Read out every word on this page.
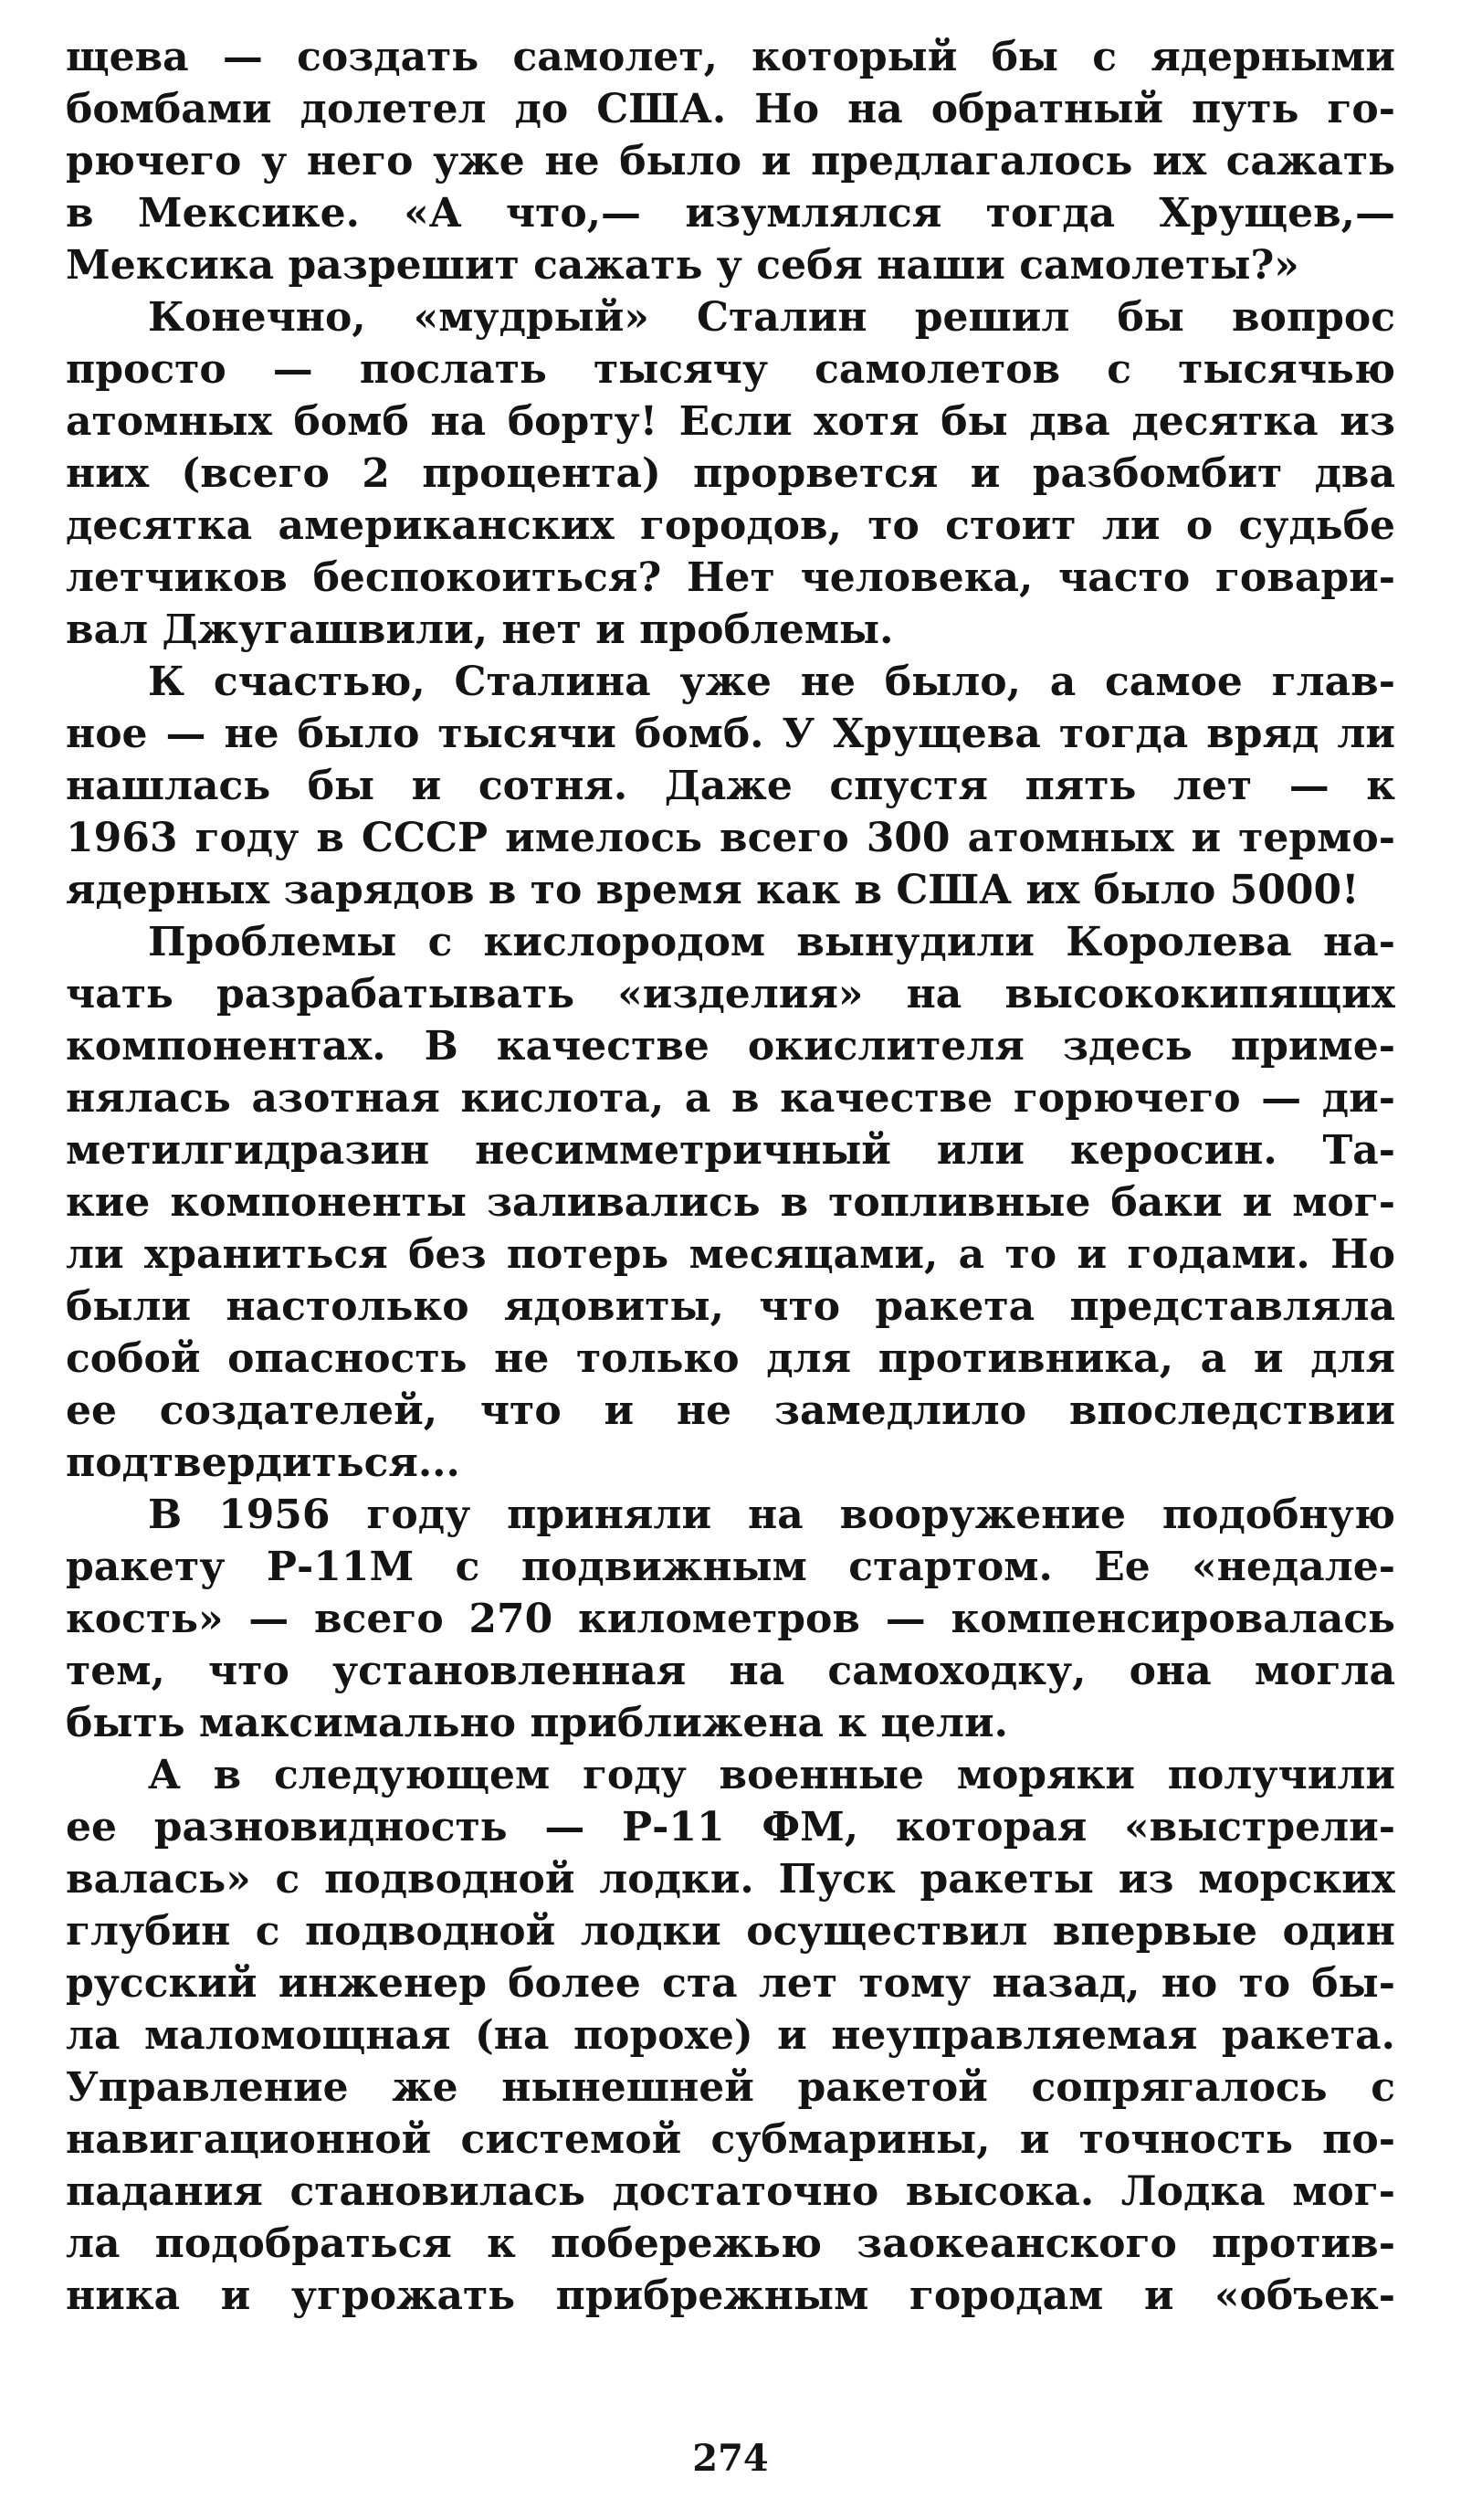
щева — создать самолет, который бы с ядерными
бомбами долетел до США. Но на обратный путь го-
рючего у него уже не было и предлагалось их сажать
в Мексике. «А что,— изумлялся тогда Хрущев,—
Мексика разрешит сажать у себя наши самолеты?»
Конечно, «мудрый» Сталин решил бы вопрос
просто — послать тысячу самолетов с тысячью
атомных бомб на борту! Если хотя бы два десятка из
них (всего 2 процента) прорвется и разбомбит два
десятка американских городов, то стоит ли о судьбе
летчиков беспокоиться? Нет человека, часто говари-
вал Джугашвили, нет и проблемы.
К счастью, Сталина уже не было, а самое глав-
ное — не было тысячи бомб. У Хрущева тогда вряд ли
нашлась бы и сотня. Даже спустя пять лет — к
1963 году в СССР имелось всего 300 атомных и термо-
ядерных зарядов в то время как в США их было 5000!
Проблемы с кислородом вынудили Королева на-
чать разрабатывать «изделия» на высококипящих
компонентах. В качестве окислителя здесь приме-
нялась азотная кислота, а в качестве горючего — ди-
метилгидразин несимметричный или керосин. Та-
кие компоненты заливались в топливные баки и мог-
ли храниться без потерь месяцами, а то и годами. Но
были настолько ядовиты, что ракета представляла
собой опасность не только для противника, а и для
ее создателей, что и не замедлило впоследствии
подтвердиться...
В 1956 году приняли на вооружение подобную
ракету Р-11М с подвижным стартом. Ее «недале-
кость» — всего 270 километров — компенсировалась
тем, что установленная на самоходку, она могла
быть максимально приближена к цели.
А в следующем году военные моряки получили
ее разновидность — Р-11 ФМ, которая «выстрели-
валась» с подводной лодки. Пуск ракеты из морских
глубин с подводной лодки осуществил впервые один
русский инженер более ста лет тому назад, но то бы-
ла маломощная (на порохе) и неуправляемая ракета.
Управление же нынешней ракетой сопрягалось с
навигационной системой субмарины, и точность по-
падания становилась достаточно высока. Лодка мог-
ла подобраться к побережью заокеанского против-
ника и угрожать прибрежным городам и «объек-
274
